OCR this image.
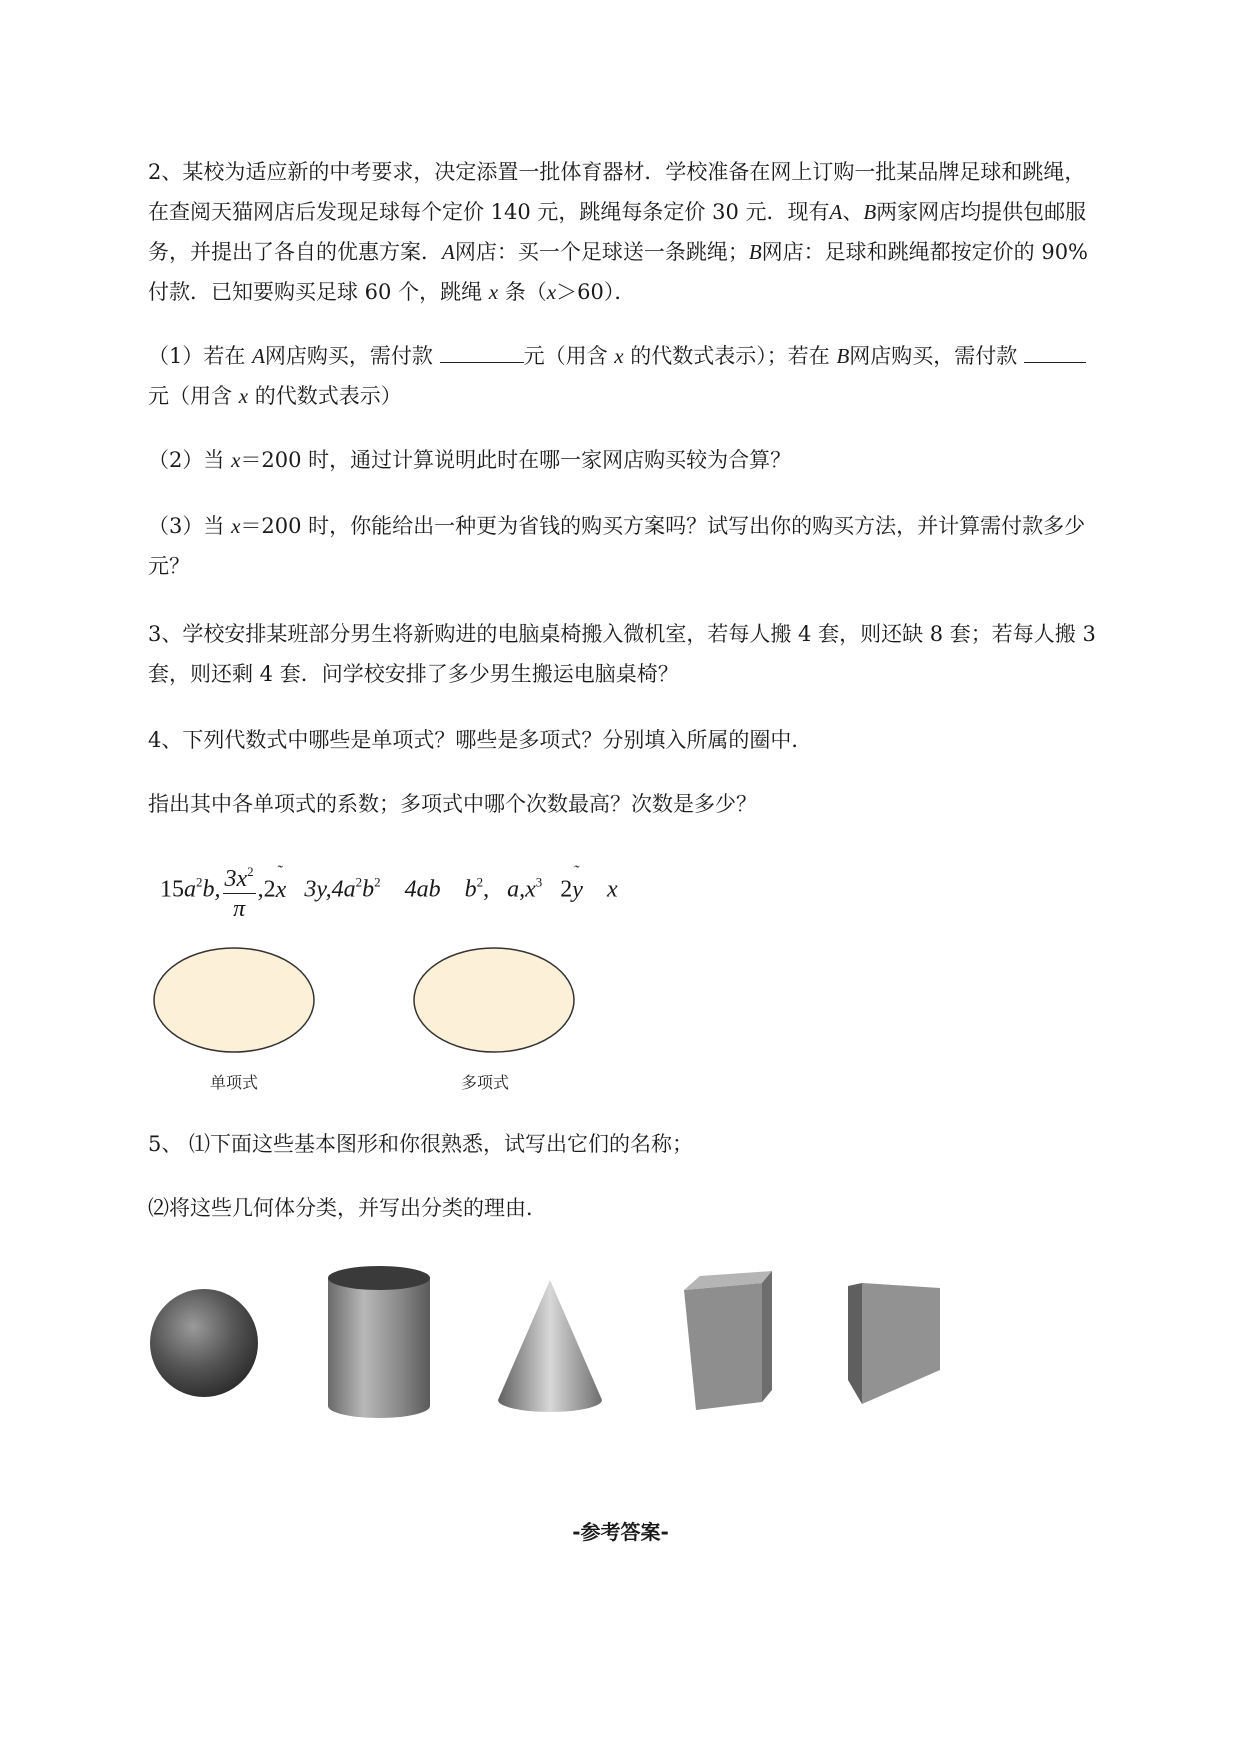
2、某校为适应新的中考要求，决定添置一批体育器材．学校准备在网上订购一批某品牌足球和跳绳，

在查阅天猫网店后发现足球每个定价 140 元，跳绳每条定价 30 元．现有A、B两家网店均提供包邮服

务，并提出了各自的优惠方案．A网店：买一个足球送一条跳绳；B网店：足球和跳绳都按定价的 90%

付款．已知要购买足球 60 个，跳绳 x 条（x＞60）．

（1）若在 A网店购买，需付款	元（用含 x 的代数式表示）；若在 B网店购买，需付款

元（用含 x 的代数式表示）

（2）当 x＝200 时，通过计算说明此时在哪一家网店购买较为合算？

（3）当 x＝200 时，你能给出一种更为省钱的购买方案吗？试写出你的购买方法，并计算需付款多少

元？

3、学校安排某班部分男生将新购进的电脑桌椅搬入微机室，若每人搬 4 套，则还缺 8 套；若每人搬 3

套，则还剩 4 套．问学校安排了多少男生搬运电脑桌椅？

4、下列代数式中哪些是单项式？哪些是多项式？分别填入所属的圈中．

指出其中各单项式的系数；多项式中哪个次数最高？次数是多少？

$15a^2b$, $\frac{3x^2}{\pi}$ ,2˜ x $3y,4a^2b^2$ 4ab $b^2$, $a,x^3$ 2˜ y x
单项式	多项式

5、 ⑴下面这些基本图形和你很熟悉，试写出它们的名称；

⑵将这些几何体分类，并写出分类的理由．

-参考答案-
